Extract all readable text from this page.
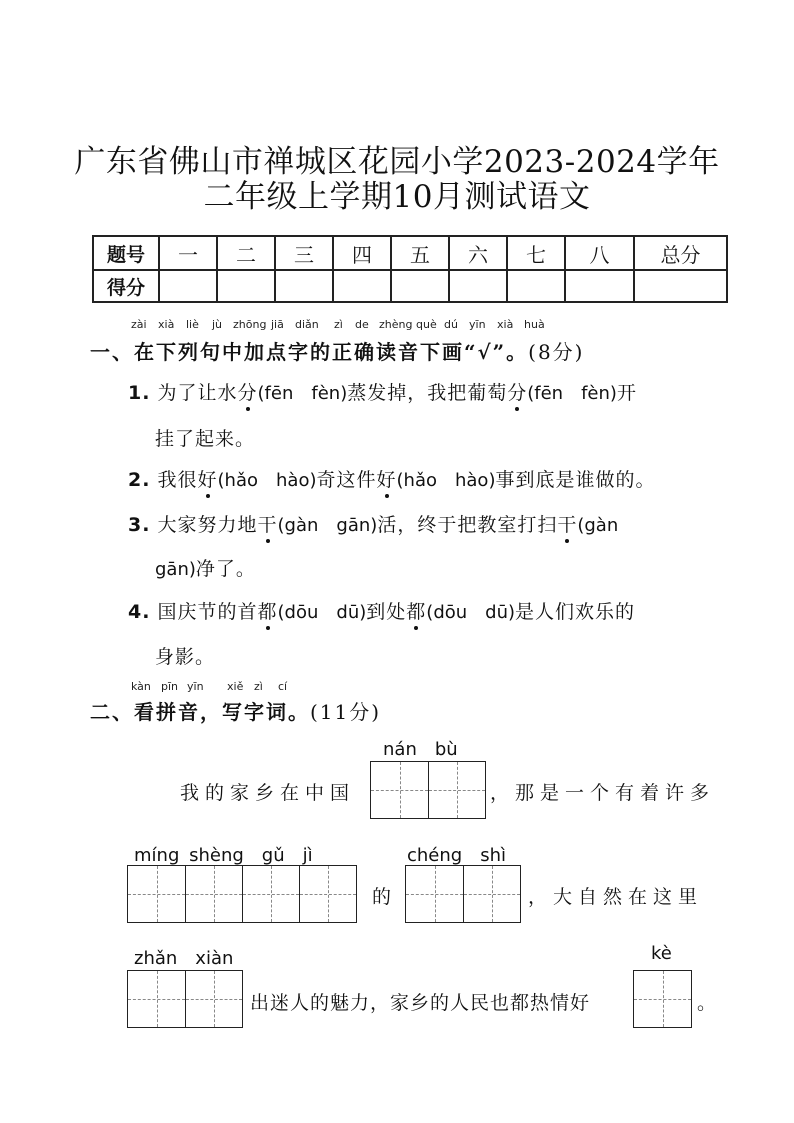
广东省佛山市禅城区花园小学2023-2024学年
二年级上学期10月测试语文
题号	一	二	三	四	五	六	七	八	总分
得分									
zài xià liè jù zhōng jiā diǎn zì de zhèng què dú yīn xià huà
一、在下列句中加点字的正确读音下画“√”。(8分)
1. 为了让水分(fēn　fèn)蒸发掉，我把葡萄分(fēn　fèn)开
挂了起来。
2. 我很好(hǎo　hào)奇这件好(hǎo　hào)事到底是谁做的。
3. 大家努力地干(gàn　gān)活，终于把教室打扫干(gàn
gān)净了。
4. 国庆节的首都(dōu　dū)到处都(dōu　dū)是人们欢乐的
身影。
kàn pīn yīn xiě zì cí
二、看拼音，写字词。(11分)
我的家乡在中国
nán　bù
，那是一个有着许多
míng shèng　gǔ　jì
的
chéng　shì
，大自然在这里
zhǎn　xiàn
出迷人的魅力，家乡的人民也都热情好
kè
。
